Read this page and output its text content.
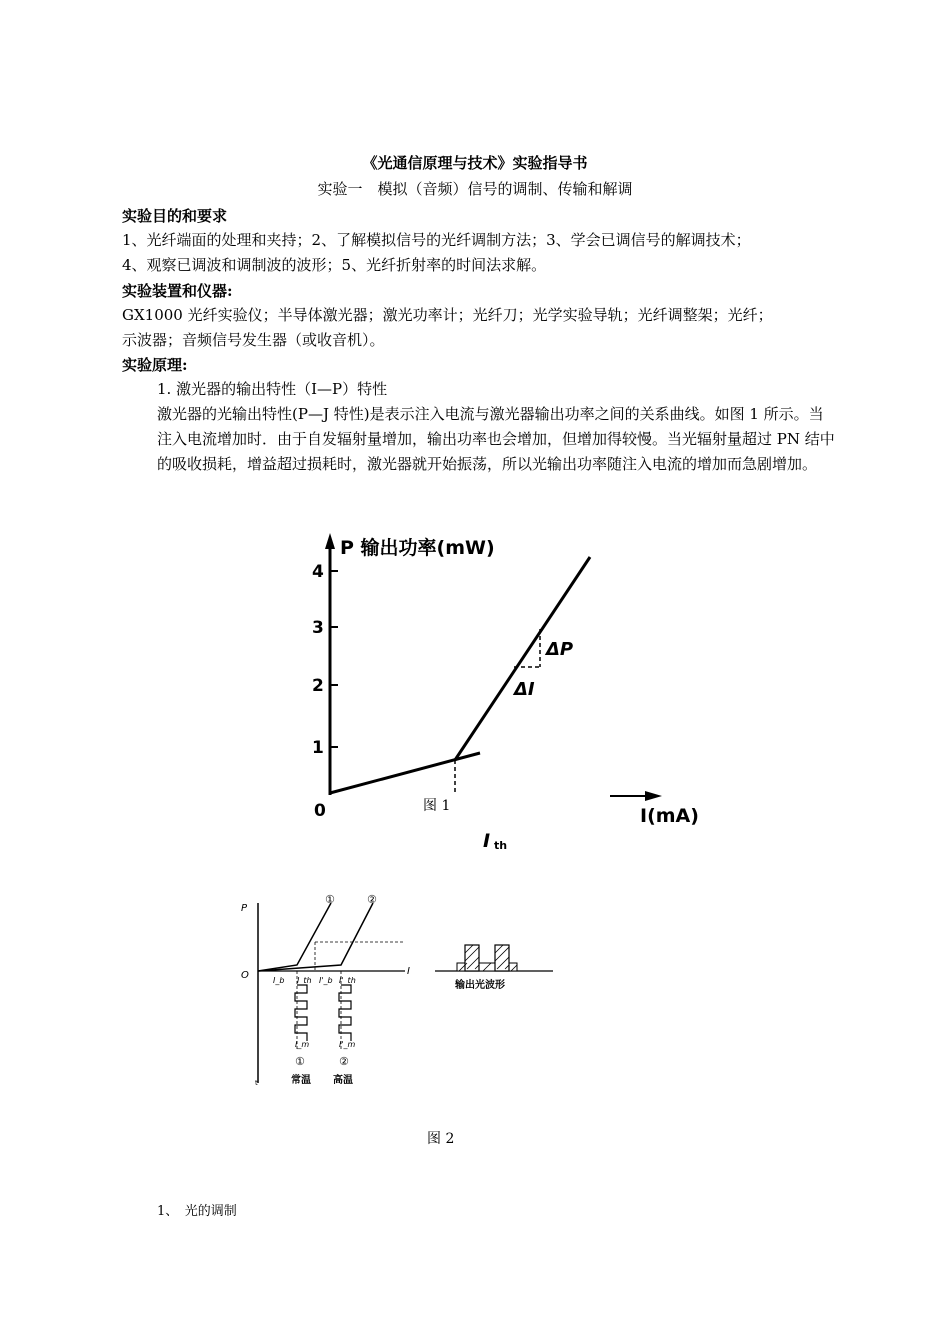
《光通信原理与技术》实验指导书
实验一　模拟（音频）信号的调制、传输和解调
实验目的和要求
1、光纤端面的处理和夹持；2、了解模拟信号的光纤调制方法；3、学会已调信号的解调技术；
4、观察已调波和调制波的波形；5、光纤折射率的时间法求解。
实验装置和仪器:
GX1000 光纤实验仪；半导体激光器；激光功率计；光纤刀；光学实验导轨；光纤调整架；光纤；
示波器；音频信号发生器（或收音机）。
实验原理:
1. 激光器的输出特性（I—P）特性
激光器的光输出特性(P—J 特性)是表示注入电流与激光器输出功率之间的关系曲线。如图 1 所示。当注入电流增加时．由于自发辐射量增加，输出功率也会增加，但增加得较慢。当光辐射量超过 PN 结中的吸收损耗，增益超过损耗时，激光器就开始振荡，所以光输出功率随注入电流的增加而急剧增加。
P 输出功率(mW)
0
1
2
3
4
ΔP
ΔI
I(mA)
I th
图 1
P
O	I
t
①	②
I_b I_th I'_b I'_th
I_m	I'_m
①	②
常温 高温
输出光波形
图 2
1、　光的调制
